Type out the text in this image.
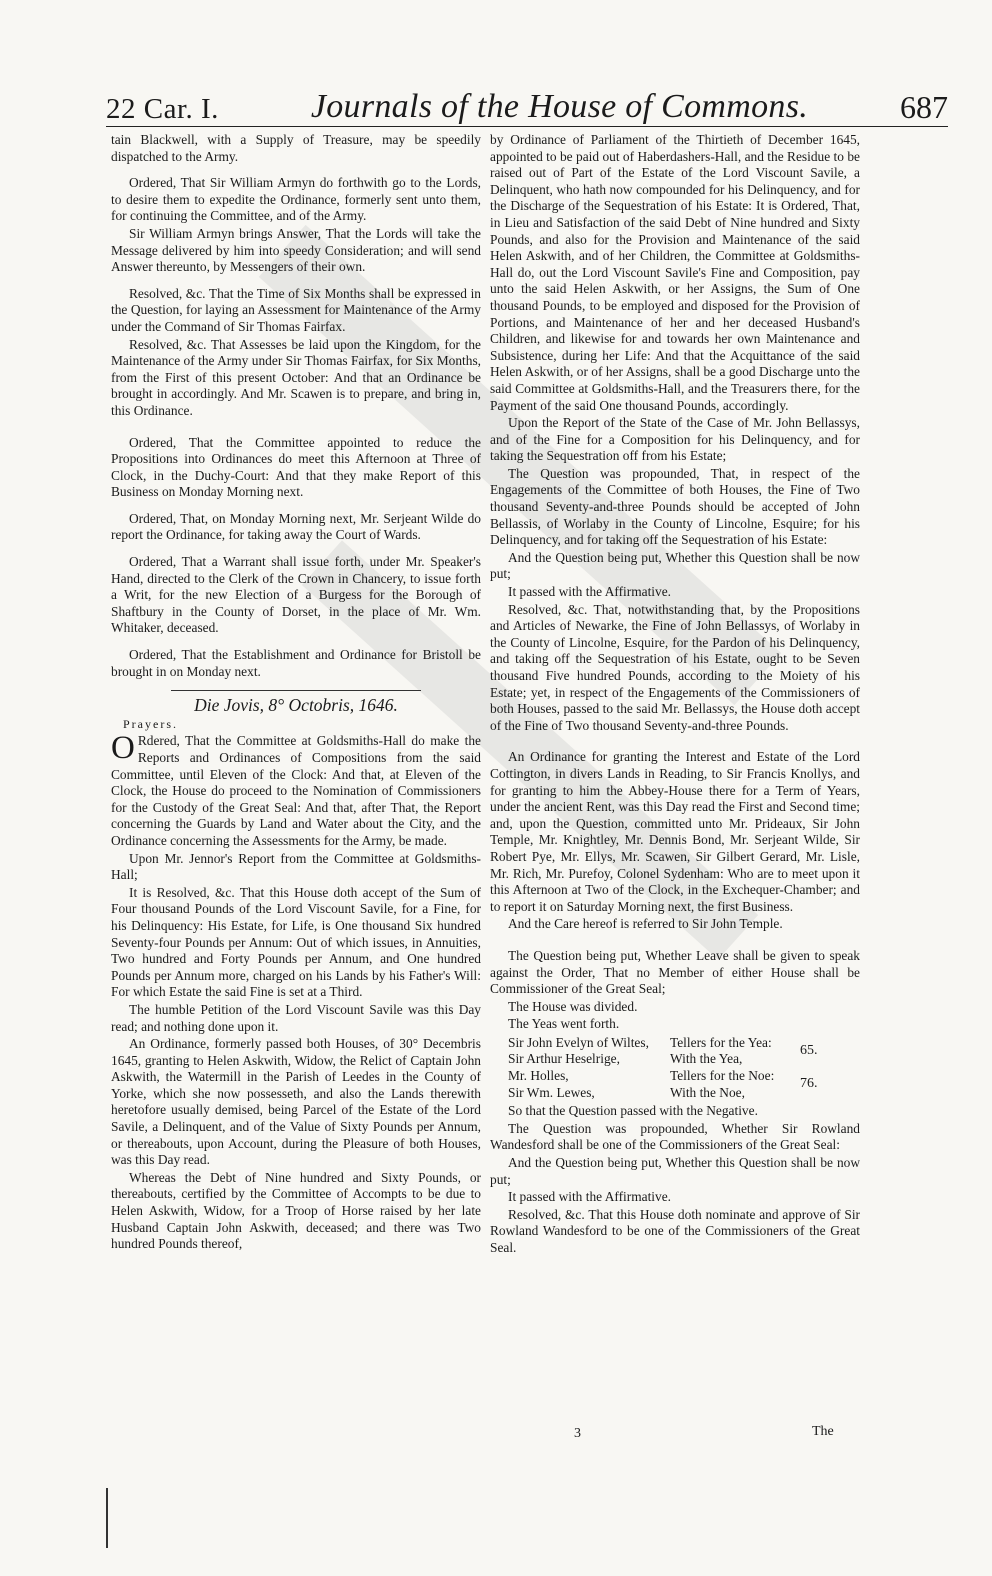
22 Car. I.	Journals of the House of Commons.	687

tain Blackwell, with a Supply of Treasure, may be speedily dispatched to the Army.

Ordered, That Sir William Armyn do forthwith go to the Lords, to desire them to expedite the Ordinance, formerly sent unto them, for continuing the Committee, and of the Army.

Sir William Armyn brings Answer, That the Lords will take the Message delivered by him into speedy Consideration; and will send Answer thereunto, by Messengers of their own.

Resolved, &c. That the Time of Six Months shall be expressed in the Question, for laying an Assessment for Maintenance of the Army under the Command of Sir Thomas Fairfax.

Resolved, &c. That Assesses be laid upon the Kingdom, for the Maintenance of the Army under Sir Thomas Fairfax, for Six Months, from the First of this present October: And that an Ordinance be brought in accordingly. And Mr. Scawen is to prepare, and bring in, this Ordinance.

Ordered, That the Committee appointed to reduce the Propositions into Ordinances do meet this Afternoon at Three of Clock, in the Duchy-Court: And that they make Report of this Business on Monday Morning next.

Ordered, That, on Monday Morning next, Mr. Serjeant Wilde do report the Ordinance, for taking away the Court of Wards.

Ordered, That a Warrant shall issue forth, under Mr. Speaker's Hand, directed to the Clerk of the Crown in Chancery, to issue forth a Writ, for the new Election of a Burgess for the Borough of Shaftbury in the County of Dorset, in the place of Mr. Wm. Whitaker, deceased.

Ordered, That the Establishment and Ordinance for Bristoll be brought in on Monday next.

Die Jovis, 8° Octobris, 1646.
Prayers.

O Rdered, That the Committee at Goldsmiths-Hall do make the Reports and Ordinances of Compositions from the said Committee, until Eleven of the Clock: And that, at Eleven of the Clock, the House do proceed to the Nomination of Commissioners for the Custody of the Great Seal: And that, after That, the Report concerning the Guards by Land and Water about the City, and the Ordinance concerning the Assessments for the Army, be made.

Upon Mr. Jennor's Report from the Committee at Goldsmiths-Hall;

It is Resolved, &c. That this House doth accept of the Sum of Four thousand Pounds of the Lord Viscount Savile, for a Fine, for his Delinquency: His Estate, for Life, is One thousand Six hundred Seventy-four Pounds per Annum: Out of which issues, in Annuities, Two hundred and Forty Pounds per Annum, and One hundred Pounds per Annum more, charged on his Lands by his Father's Will: For which Estate the said Fine is set at a Third.

The humble Petition of the Lord Viscount Savile was this Day read; and nothing done upon it.

An Ordinance, formerly passed both Houses, of 30° Decembris 1645, granting to Helen Askwith, Widow, the Relict of Captain John Askwith, the Watermill in the Parish of Leedes in the County of Yorke, which she now possesseth, and also the Lands therewith heretofore usually demised, being Parcel of the Estate of the Lord Savile, a Delinquent, and of the Value of Sixty Pounds per Annum, or thereabouts, upon Account, during the Pleasure of both Houses, was this Day read.

Whereas the Debt of Nine hundred and Sixty Pounds, or thereabouts, certified by the Committee of Accompts to be due to Helen Askwith, Widow, for a Troop of Horse raised by her late Husband Captain John Askwith, deceased; and there was Two hundred Pounds thereof,

by Ordinance of Parliament of the Thirtieth of December 1645, appointed to be paid out of Haberdashers-Hall, and the Residue to be raised out of Part of the Estate of the Lord Viscount Savile, a Delinquent, who hath now compounded for his Delinquency, and for the Discharge of the Sequestration of his Estate: It is Ordered, That, in Lieu and Satisfaction of the said Debt of Nine hundred and Sixty Pounds, and also for the Provision and Maintenance of the said Helen Askwith, and of her Children, the Committee at Goldsmiths-Hall do, out the Lord Viscount Savile's Fine and Composition, pay unto the said Helen Askwith, or her Assigns, the Sum of One thousand Pounds, to be employed and disposed for the Provision of Portions, and Maintenance of her and her deceased Husband's Children, and likewise for and towards her own Maintenance and Subsistence, during her Life: And that the Acquittance of the said Helen Askwith, or of her Assigns, shall be a good Discharge unto the said Committee at Goldsmiths-Hall, and the Treasurers there, for the Payment of the said One thousand Pounds, accordingly.

Upon the Report of the State of the Case of Mr. John Bellassys, and of the Fine for a Composition for his Delinquency, and for taking the Sequestration off from his Estate;

The Question was propounded, That, in respect of the Engagements of the Committee of both Houses, the Fine of Two thousand Seventy-and-three Pounds should be accepted of John Bellassis, of Worlaby in the County of Lincolne, Esquire; for his Delinquency, and for taking off the Sequestration of his Estate:

And the Question being put, Whether this Question shall be now put;

It passed with the Affirmative.

Resolved, &c. That, notwithstanding that, by the Propositions and Articles of Newarke, the Fine of John Bellassys, of Worlaby in the County of Lincolne, Esquire, for the Pardon of his Delinquency, and taking off the Sequestration of his Estate, ought to be Seven thousand Five hundred Pounds, according to the Moiety of his Estate; yet, in respect of the Engagements of the Commissioners of both Houses, passed to the said Mr. Bellassys, the House doth accept of the Fine of Two thousand Seventy-and-three Pounds.

An Ordinance for granting the Interest and Estate of the Lord Cottington, in divers Lands in Reading, to Sir Francis Knollys, and for granting to him the Abbey-House there for a Term of Years, under the ancient Rent, was this Day read the First and Second time; and, upon the Question, committed unto Mr. Prideaux, Sir John Temple, Mr. Knightley, Mr. Dennis Bond, Mr. Serjeant Wilde, Sir Robert Pye, Mr. Ellys, Mr. Scawen, Sir Gilbert Gerard, Mr. Lisle, Mr. Rich, Mr. Purefoy, Colonel Sydenham: Who are to meet upon it this Afternoon at Two of the Clock, in the Exchequer-Chamber; and to report it on Saturday Morning next, the first Business.

And the Care hereof is referred to Sir John Temple.

The Question being put, Whether Leave shall be given to speak against the Order, That no Member of either House shall be Commissioner of the Great Seal;

The House was divided.

The Yeas went forth.

Sir John Evelyn of Wiltes,	Tellers for the Yea:
Sir Arthur Heselrige,	With the Yea,
65.
Mr. Holles,	Tellers for the Noe:
Sir Wm. Lewes,	With the Noe,
76.

So that the Question passed with the Negative.

The Question was propounded, Whether Sir Rowland Wandesford shall be one of the Commissioners of the Great Seal:

And the Question being put, Whether this Question shall be now put;

It passed with the Affirmative.

Resolved, &c. That this House doth nominate and approve of Sir Rowland Wandesford to be one of the Commissioners of the Great Seal.

3	The
